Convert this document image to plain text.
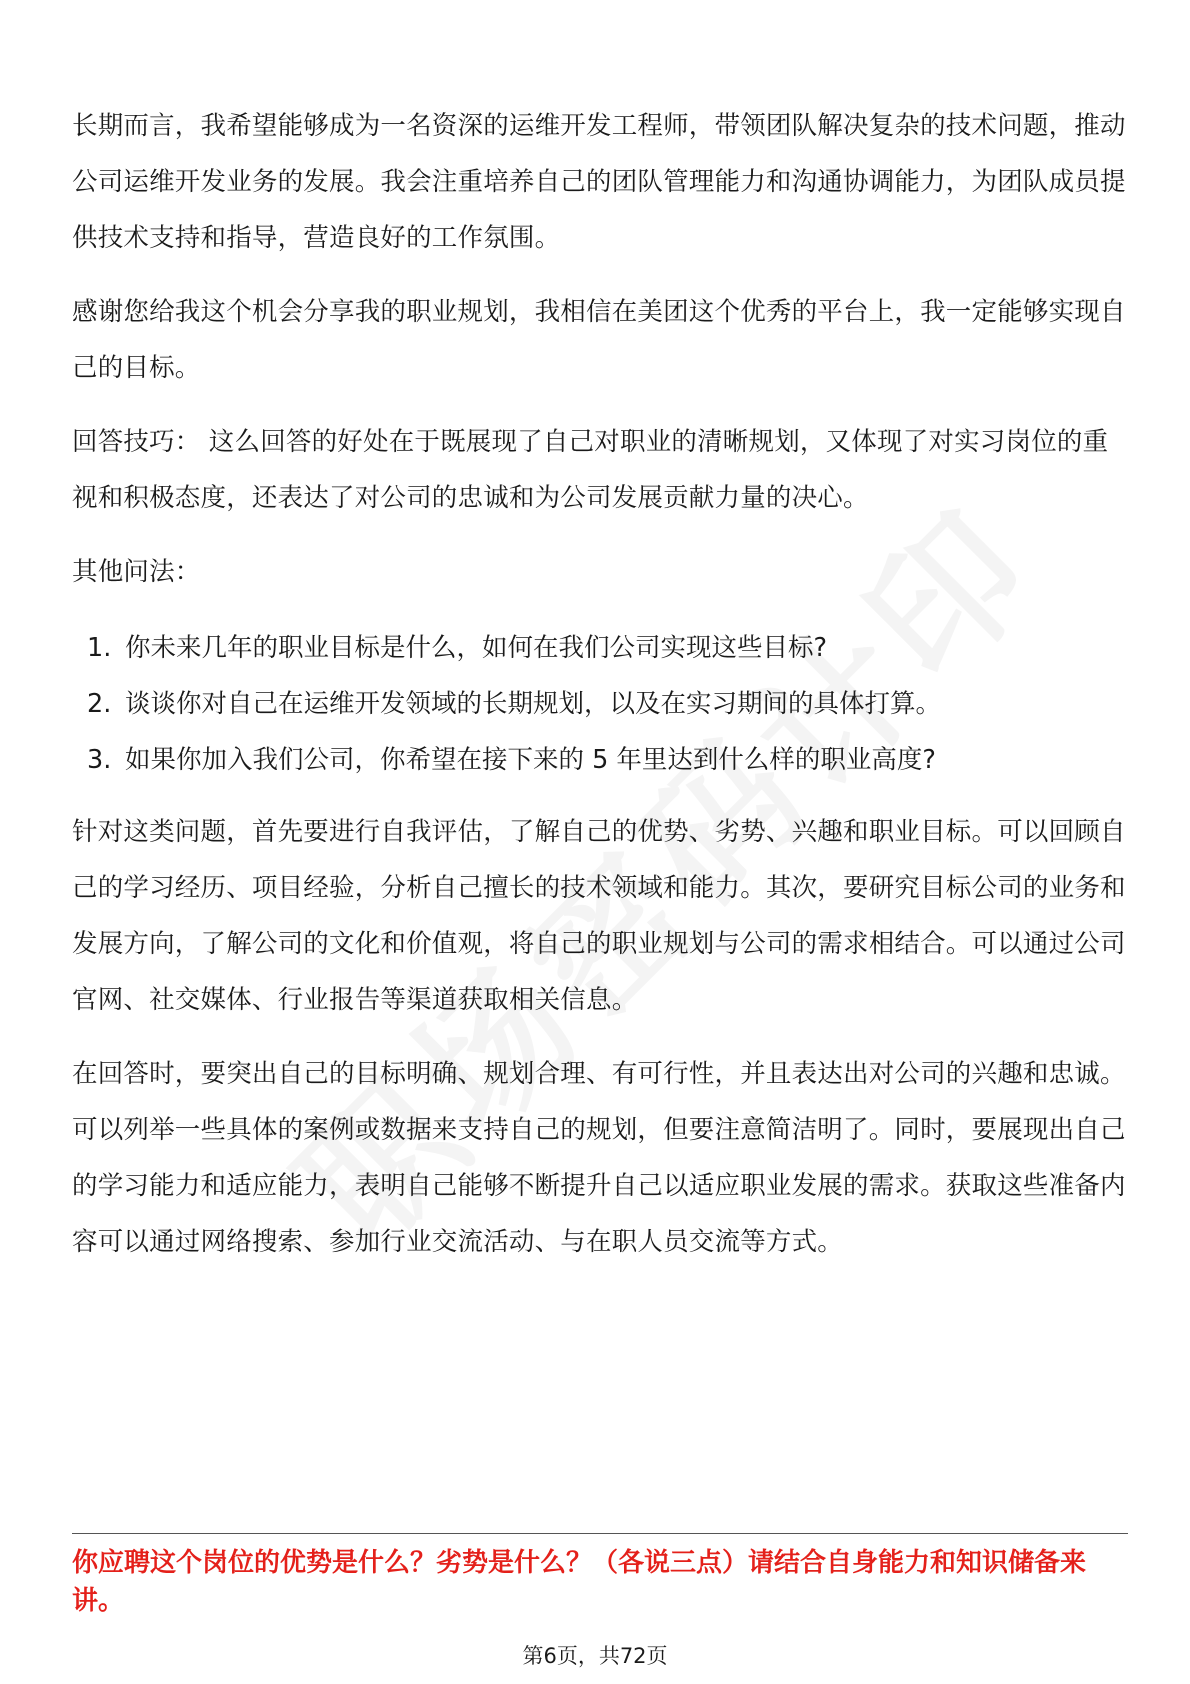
长期而言，我希望能够成为一名资深的运维开发工程师，带领团队解决复杂的技术问题，推动公司运维开发业务的发展。我会注重培养自己的团队管理能力和沟通协调能力，为团队成员提供技术支持和指导，营造良好的工作氛围。

感谢您给我这个机会分享我的职业规划，我相信在美团这个优秀的平台上，我一定能够实现自己的目标。

回答技巧： 这么回答的好处在于既展现了自己对职业的清晰规划，又体现了对实习岗位的重视和积极态度，还表达了对公司的忠诚和为公司发展贡献力量的决心。

其他问法：

1. 你未来几年的职业目标是什么，如何在我们公司实现这些目标?
2. 谈谈你对自己在运维开发领域的长期规划，以及在实习期间的具体打算。
3. 如果你加入我们公司，你希望在接下来的 5 年里达到什么样的职业高度?

针对这类问题，首先要进行自我评估，了解自己的优势、劣势、兴趣和职业目标。可以回顾自己的学习经历、项目经验，分析自己擅长的技术领域和能力。其次，要研究目标公司的业务和发展方向，了解公司的文化和价值观，将自己的职业规划与公司的需求相结合。可以通过公司官网、社交媒体、行业报告等渠道获取相关信息。

在回答时，要突出自己的目标明确、规划合理、有可行性，并且表达出对公司的兴趣和忠诚。可以列举一些具体的案例或数据来支持自己的规划，但要注意简洁明了。同时，要展现出自己的学习能力和适应能力，表明自己能够不断提升自己以适应职业发展的需求。获取这些准备内容可以通过网络搜索、参加行业交流活动、与在职人员交流等方式。

你应聘这个岗位的优势是什么？劣势是什么？（各说三点）请结合自身能力和知识储备来讲。

第6页，共72页
